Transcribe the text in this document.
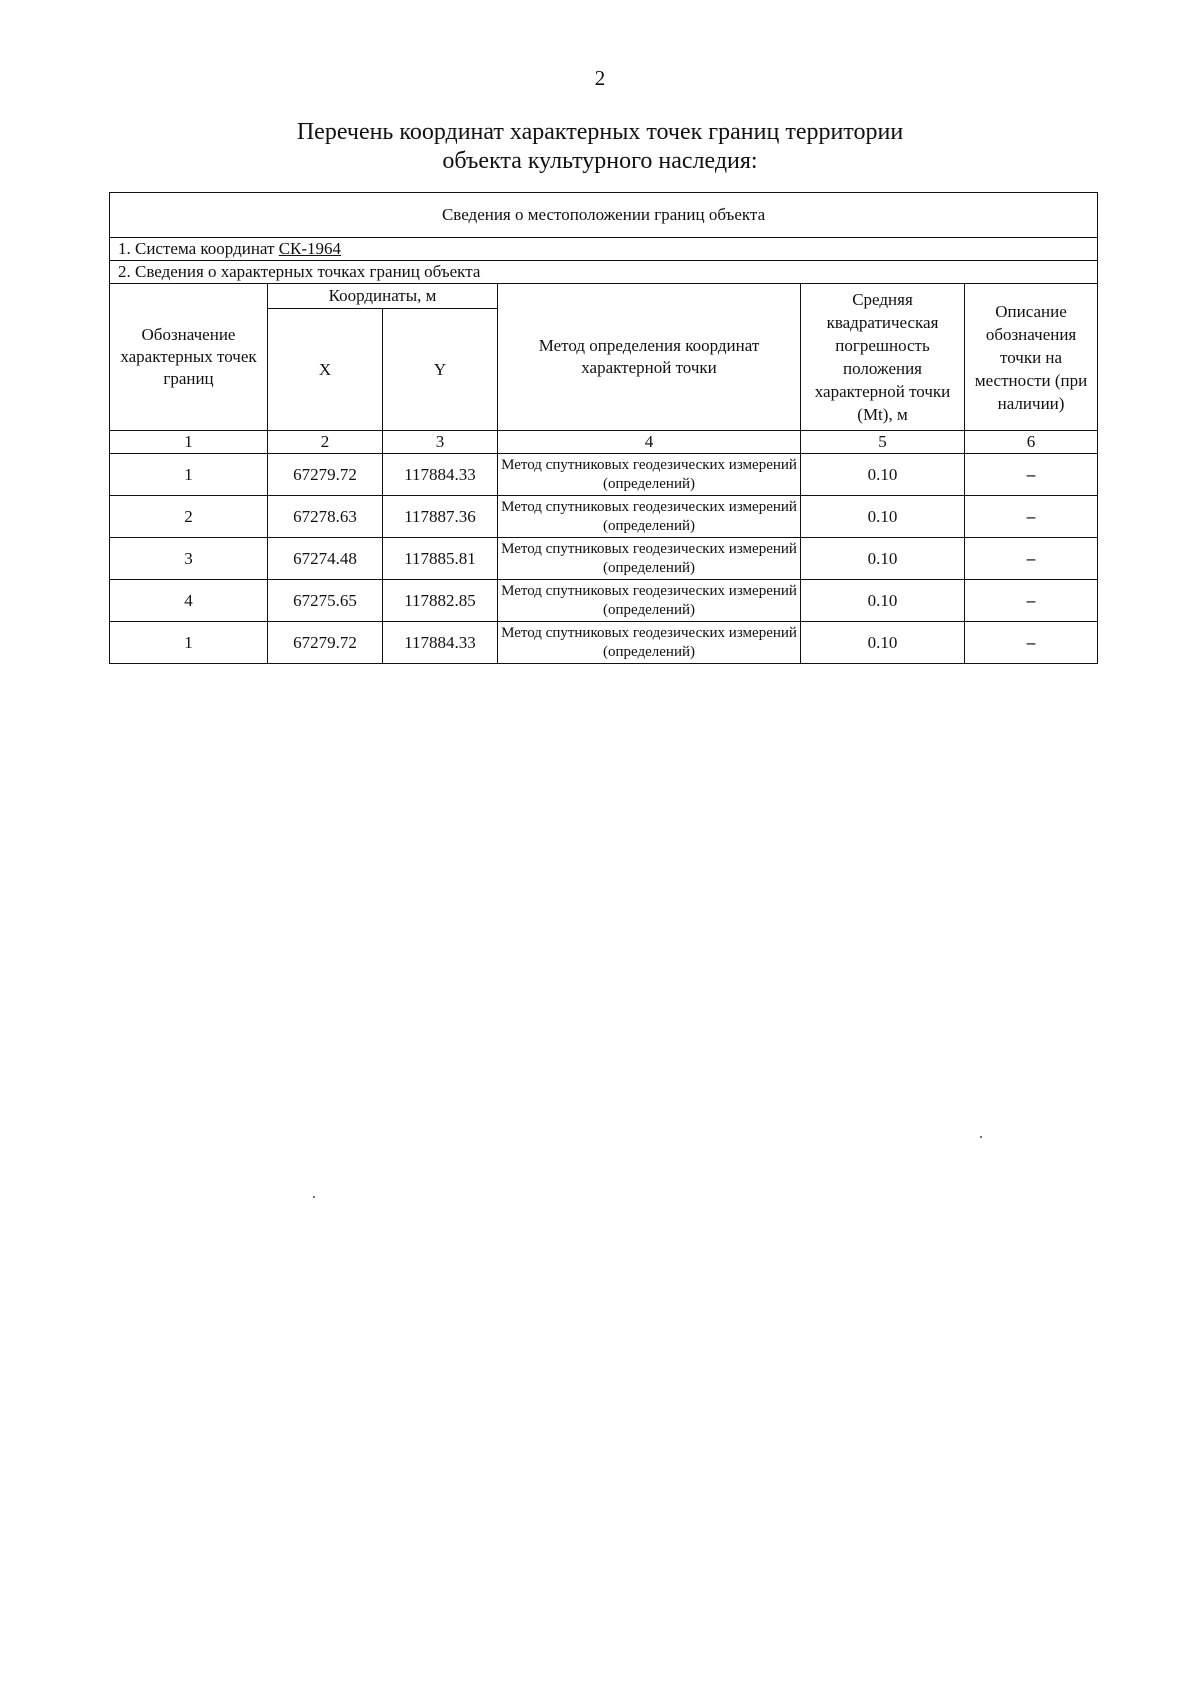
2
Перечень координат характерных точек границ территории
объекта культурного наследия:
Сведения о местоположении границ объекта					
1. Система координат СК-1964					
2. Сведения о характерных точках границ объекта					
Обозначение характерных точек границ	Координаты, м		Метод определения координат характерной точки	Средняя квадратическая погрешность положения характерной точки (Mt), м	Описание обозначения точки на местности (при наличии)
	X	Y			
1	2	3	4	5	6
1	67279.72	117884.33	Метод спутниковых геодезических измерений (определений)	0.10	–
2	67278.63	117887.36	Метод спутниковых геодезических измерений (определений)	0.10	–
3	67274.48	117885.81	Метод спутниковых геодезических измерений (определений)	0.10	–
4	67275.65	117882.85	Метод спутниковых геодезических измерений (определений)	0.10	–
1	67279.72	117884.33	Метод спутниковых геодезических измерений (определений)	0.10	–
